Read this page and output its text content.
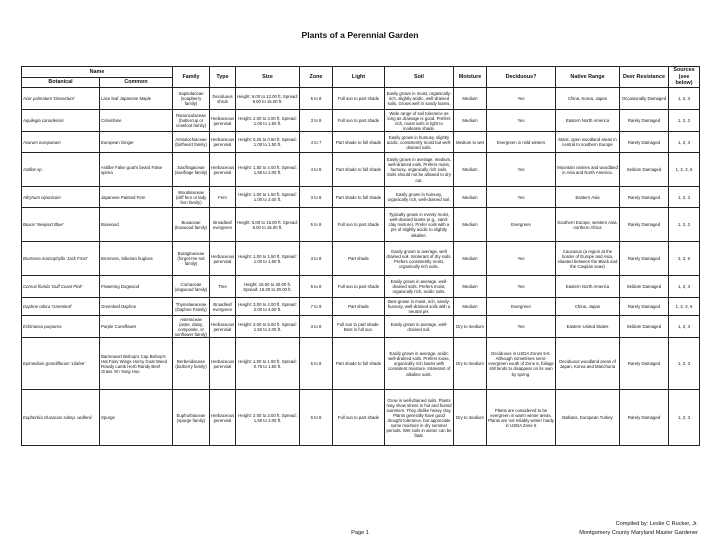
Plants of a Perennial Garden
Name		Family	Type	Size	Zone	Light	Soil	Moisture	Deciduous?	Native Range	Deer Resistance	Sources (see below)
Botanical	Common											
Acer palmatum 'Dissectum'	Lace leaf Japanese Maple	Sapindaceae (soapberry family)	Deciduous shrub	Height: 6.00 to 12.00 ft. Spread: 9.00 to 15.00 ft.	5 to 8	Full sun to part shade	Easily grown in moist, organically-rich, slightly acidic, well-drained soils. Grows well in sandy loams.	Medium	Yes	China, Korea, Japan	Occasionally Damaged	1, 2, 3
Aquilegia canadensis	Columbine	Ranunculaceae (buttercup or crowfoot family)	Herbaceous perennial	Height: 2.00 to 3.00 ft. Spread: 1.00 to 1.50 ft.	3 to 8	Full sun to part shade	Wide range of soil tolerance as long as drainage is good. Prefers rich, moist soils in light to moderate shade.	Medium	Yes	Eastern North America	Rarely Damaged	1, 2, 3
Asarum europaeum	European Ginger	Aristolochiaceae (birthwort family)	Herbaceous perennial	Height: 0.25 to 0.50 ft. Spread: 1.00 to 1.50 ft.	4 to 7	Part shade to full shade	Easily grown in humusy, slightly acidic, consistently moist but well-drained soils.	Medium to wet	Evergreen in mild winters	Moist, open woodland areas in central to southern Europe	Rarely Damaged	1, 2, 3
Astilbe sp.	Astilbe False goat's beard False spirea	Saxifragaceae (saxifrage family)	Herbaceous perennial	Height: 1.50 to 4.00 ft. Spread: 1.50 to 2.00 ft.	4 to 8	Part shade to full shade	Easily grown in average, medium, well-drained soils. Prefers moist, humusy, organically rich soils. Soils should not be allowed to dry out.	Medium	Yes	Mountain ravines and woodland in Asia and North America.	Seldom Damaged	1, 2, 3, 6
Athyrium niponicum	Japanese Painted Fern	Woodsiaceae (cliff fern or lady fern family)	Fern	Height: 1.00 to 1.50 ft. Spread: 1.00 to 2.00 ft.	3 to 8	Part shade to full shade	Easily grown in humusy, organically rich, well-drained soil.	Medium	Yes	Eastern Asia	Rarely Damaged	1, 2, 3
Buxus 'Newport Blue'	Boxwood	Buxaceae (boxwood family)	Broadleaf evergreen	Height: 5.00 to 15.00 ft. Spread: 5.00 to 15.00 ft.	5 to 8	Full sun to part shade	Typically grown in evenly moist, well-drained loams (e.g., sand-clay mixture). Prefer soils with a pH of slightly acidic to slightly alkaline.	Medium	Evergreen	Southern Europe, western Asia, northern Africa	Rarely Damaged	1, 2, 3
Brunnera macrophylla 'Jack Frost'	Brunnera, Siberian bugloss	Boraginaceae (forget-me-not family)	Herbaceous perennial	Height: 1.00 to 1.50 ft. Spread: 1.00 to 1.50 ft.	3 to 8	Part shade	Easily grown in average, well drained soil. Intolerant of dry soils. Prefers consistently moist, organically rich soils.	Medium	Yes	Caucasus (a region at the border of Europe and Asia, situated between the Black and the Caspian seas)	Rarely Damaged	2, 3, 6
Cornus florida 'Gulf Coast Pink'	Flowering Dogwood	Cornaceae (dogwood family)	Tree	Height: 15.00 to 30.00 ft. Spread: 15.00 to 30.00 ft.	5 to 9	Full sun to part shade	Easily grown in average, well-drained soils. Prefers moist, organically rich, acidic soils.	Medium	Yes	Eastern North America	Seldom Damaged	1, 2, 3
Daphne odora 'Greenleaf'	Greenleaf Daphne	Thymelaeaceae (Daphne Family)	Broadleaf evergreen	Height: 3.00 to 4.00 ft. Spread: 2.00 to 4.00 ft.	7 to 9	Part shade	Best grown in moist, rich, sandy-humusy, well-drained soils with a neutral pH.	Medium	Evergreen	China, Japan	Rarely Damaged	1, 2, 3, 6
Echinacea purpurea	Purple Coneflower	Asteraceae (aster, daisy, composite, or sunflower family)	Herbaceous perennial	Height: 3.00 to 5.00 ft. Spread: 1.50 to 2.00 ft.	3 to 8	Full sun to part shade. Best in full sun.	Easily grown in average, well-drained soil.	Dry to medium	Yes	Eastern United States	Seldom Damaged	1, 2, 3
Epimedium grandiflorum 'Lilafee'	Barrenwort Bishop's Cap Bishop's Hat Fairy Wings Horny Goat Weed Rowdy Lamb Herb Randy Beef Grass Yin Yang Huo	Berberidaceae (barberry family)	Herbaceous perennial	Height: 1.00 to 1.50 ft. Spread: 0.75 to 1.50 ft.	5 to 8	Part shade to full shade	Easily grown in average, acidic well-drained soils. Prefers loose, organically rich loams with consistent moisture. Intolerant of alkaline soils.	Dry to medium	Deciduous in USDA Zones 5-6. Although sometimes semi-evergreen south of Zone 6, foliage still tends to disappear on its own by spring.	Deciduous woodland areas of Japan, Korea and Manchuria	Rarely Damaged	1, 2, 3
Euphorbia characias subsp. wulfenii	Spurge	Euphorbiaceae (spurge family)	Herbaceous perennial	Height: 2.00 to 3.00 ft. Spread: 1.50 to 2.00 ft.	6 to 8	Full sun to part shade	Grow in well-drained soils. Plants may show stress in hot and humid summers. They dislike heavy clay. Plants generally have good drought tolerance, but appreciate some moisture in dry summer periods. Wet soils in winter can be fatal.	Dry to medium	Plants are considered to be evergreen in warm winter areas. Plants are not reliably winter hardy in USDA Zone 6	Balkans, European Turkey	Rarely Damaged	1, 2, 3
Page 1
Compiled by: Leslie C Rucker, Jr.
Montgomery County Maryland Master Gardener
